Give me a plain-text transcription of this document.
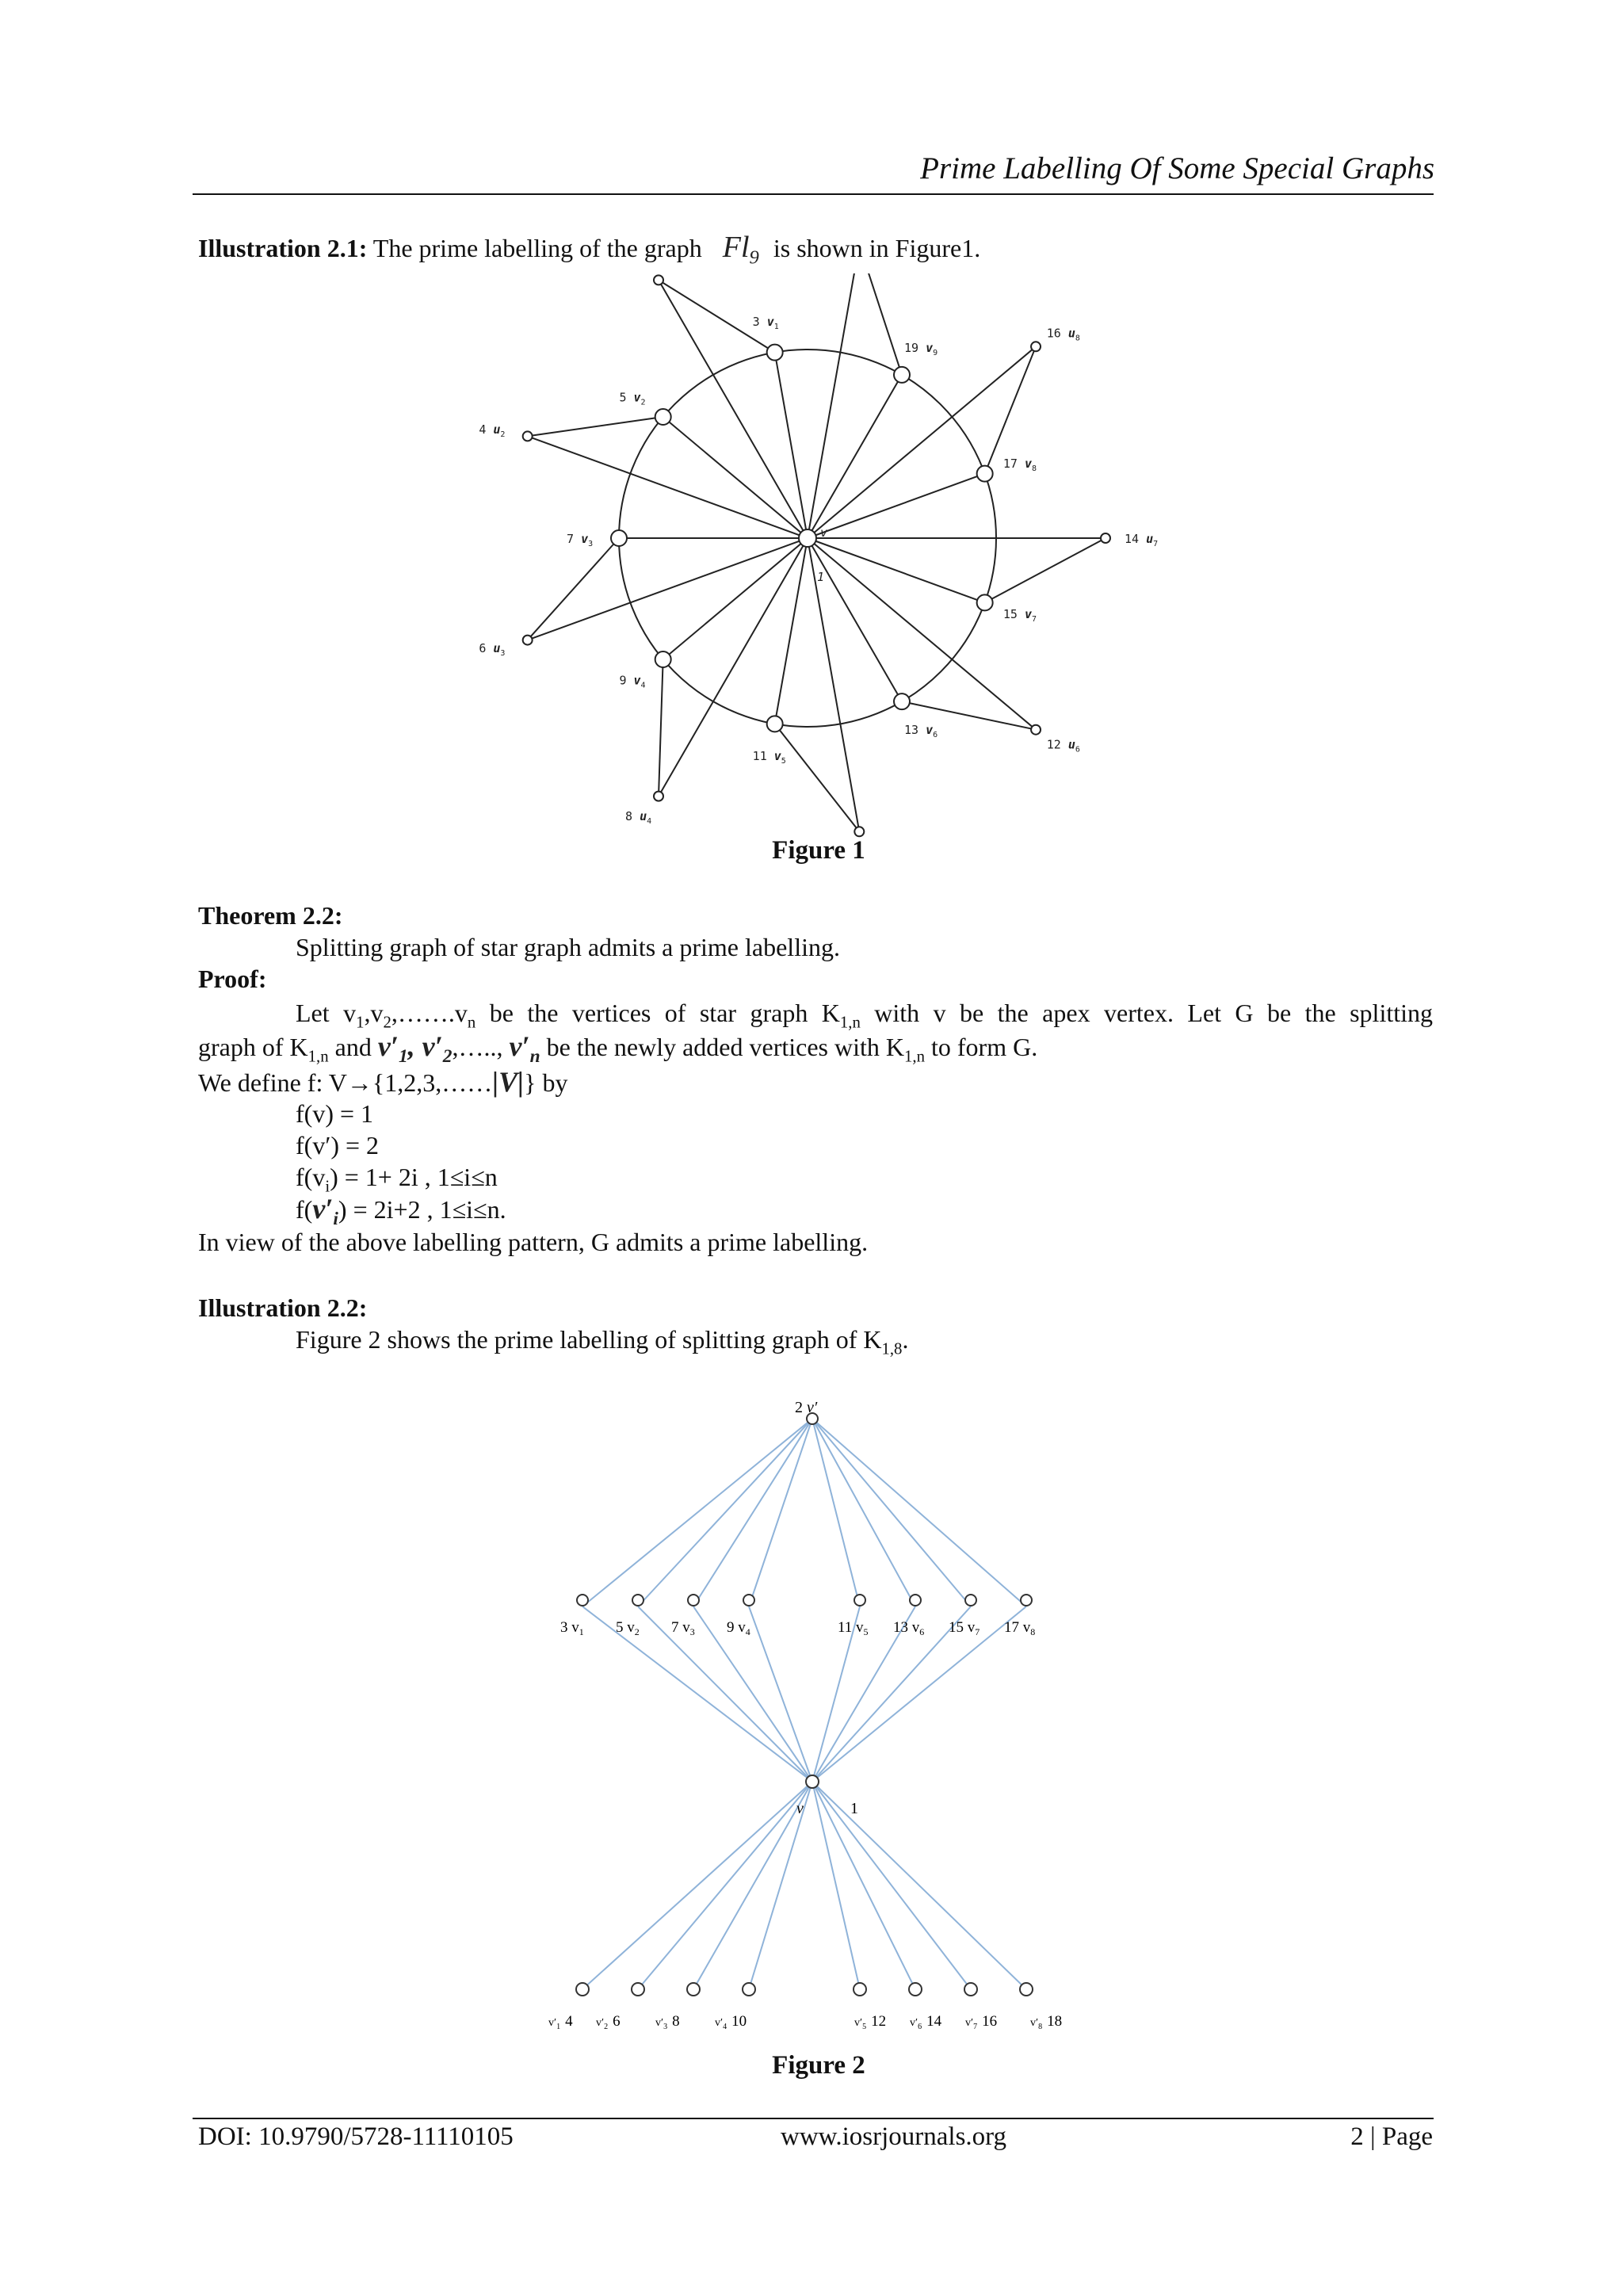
Prime Labelling Of Some Special Graphs
Illustration 2.1: The prime labelling of the graph $Fl_9$ is shown in Figure1.
3 $v_1$
19 $v_9$
17 $v_8$
16 $u_8$
15 $v_7$
14 $u_7$
13 $v_6$
12 $u_6$
11 $v_5$
9 $v_4$
8 $u_4$
7 $v_3$
6 $u_3$
5 $v_2$
4 $u_2$
v
1
Figure 1
Theorem 2.2:
Splitting graph of star graph admits a prime labelling.
Proof:
Let $v_1,v_2,\dots\dots.v_n$ be the vertices of star graph $K_{1,n}$ with v be the apex vertex. Let G be the splitting
graph of $K_{1,n}$ and $v'_1$, $v'_2,\dots$.., $v'_n$ be the newly added vertices with $K_{1,n}$ to form G.
We define f: V→{1,2,3,……|V|} by
f(v) = 1
f(v′) = 2
$f(v_i) = 1+ 2i$ , 1≤i≤n
$f(v'_i) = 2i+2$ , 1≤i≤n.
In view of the above labelling pattern, G admits a prime labelling.
Illustration 2.2:
Figure 2 shows the prime labelling of splitting graph of $K_{1,8}$.
2 v′
3 $v_1$ 5 $v_2$ 7 $v_3$ 9 $v_4$	11 $v_5$ 13 $v_6$ 15 $v_7$ 17 $v_8$
v	1
$v'_1$ 4 $v'_2$ 6	$v'_3$ 8	$v'_4$ 10	$v'_5$ 12 $v'_6$ 14 $v'_7$ 16	$v'_8$ 18
Figure 2
DOI: 10.9790/5728-11110105	www.iosrjournals.org	2 | Page
